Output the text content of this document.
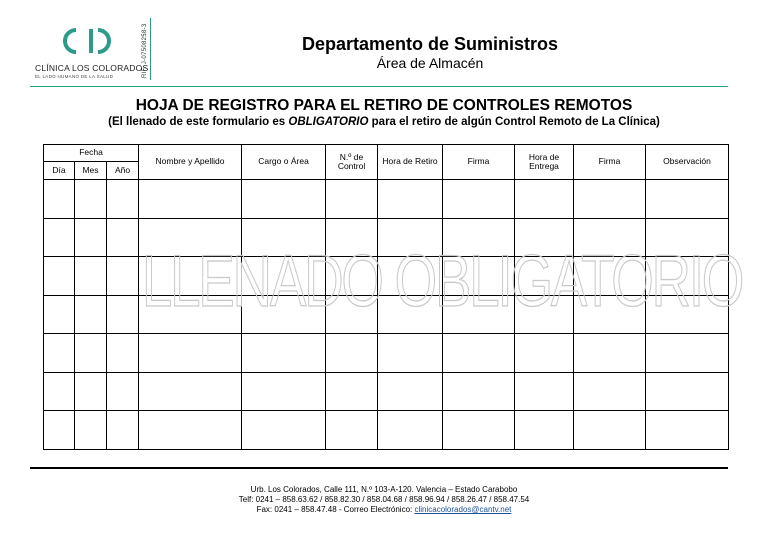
CLÍNICA LOS COLORADOS
EL LADO HUMANO DE LA SALUD	RIF. J-07508258-3	Departamento de Suministros
Área de Almacén
HOJA DE REGISTRO PARA EL RETIRO DE CONTROLES REMOTOS
(El llenado de este formulario es OBLIGATORIO para el retiro de algún Control Remoto de La Clínica)
Fecha			Nombre y Apellido	Cargo o Área	N.º de Control	Hora de Retiro	Firma	Hora de Entrega	Firma	Observación
Día	Mes	Año								

LLENADO OBLIGATORIO
Urb. Los Colorados, Calle 111, N.º 103-A-120. Valencia – Estado Carabobo
Telf: 0241 – 858.63.62 / 858.82.30 / 858.04.68 / 858.96.94 / 858.26.47 / 858.47.54
Fax: 0241 – 858.47.48 - Correo Electrónico: clinicacolorados@cantv.net
